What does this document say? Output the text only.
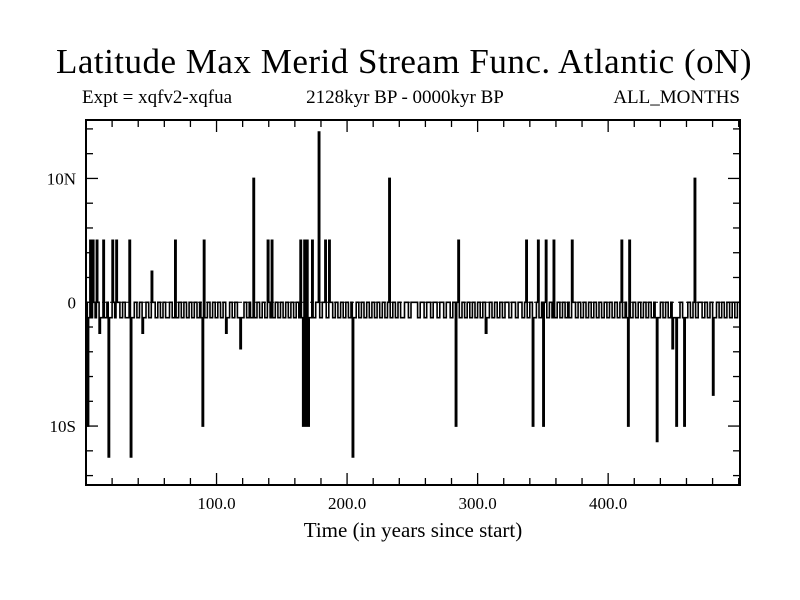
Latitude Max Merid Stream Func. Atlantic (oN)
Expt = xqfv2-xqfua	2128kyr BP - 0000kyr BP	ALL_MONTHS
100.0	200.0	300.0	400.0
10N
0
10S
Time (in years since start)
